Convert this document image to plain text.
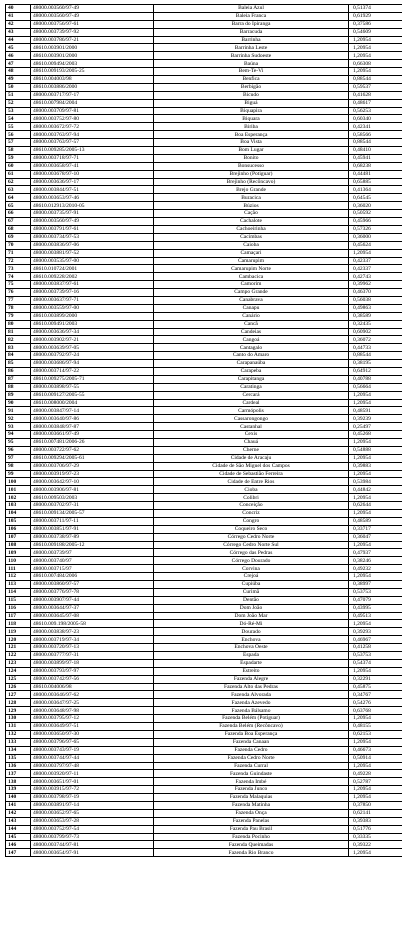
40	48000.003560/97-49	Baleia Azul	0,51374
41	48000.003560/97-49	Baleia Franca	0,61929
42	48000.003756/97-61	Barra do Ipiranga	0,37586
43	48000.003739/97-92	Barracuda	0,54609
44	48000.003786/97-21	Barrinha	1,20954
45	48610.003901/2000	Barrinha Leste	1,20954
46	48610.003901/2000	Barrinha Sudoeste	1,20954
47	48610.009494/2003	Baúna	0,66308
48	48610.009193/2005-25	Bem-Te-Vi	1,20954
49	48610.004003/98	Benfica	0,88544
50	48610.003886/2000	Berbigão	0,59537
51	48000.003717/97-17	Bicudo	0,41628
52	48610.007984/2004	Biguá	0,48617
53	48000.003709/97-81	Biquapira	0,56253
54	48000.003752/97-80	Biquara	0,60340
55	48000.003672/97-72	Biriba	0,42341
56	48000.003763/97-94	Boa Esperança	0,58566
57	48000.003763/97-57	Boa Vista	0,88544
58	48610.009285/2005-13	Bom Lugar	0,48410
59	48000.003718/97-71	Bonito	0,45941
60	48000.003658/97-41	Bonsucesso	0,68238
61	48000.003678/97-10	Brejinho (Potiguar)	0,44481
62	48000.003636/97-17	Brejinho (Recôncavo)	0,65885
63	48000.003844/97-51	Brejo Grande	0,41364
64	48000.003653/97-46	Buracica	0,64545
65	48610.012913/2010-05	Búzios	0,36020
66	48000.003735/97-91	Cação	0,50592
67	48000.003560/97-49	Cachalote	0,45966
68	48000.003791/97-61	Cachoeirinha	0,57326
69	48000.003734/97-53	Cacimbas	0,36000
70	48000.003836/97-06	Caioba	0,45624
71	48000.003881/97-52	Camaçari	1,20954
72	48000.003535/97-00	Camarupim	0,42337
73	48610.010724/2001	Camarupim Norte	0,42337
74	48610.009228/2002	Cambacica	0,42743
75	48000.003837/97-61	Camorim	0,39962
76	48000.003739/97-16	Campo Grande	0,46370
77	48000.003637/97-71	Canabrava	0,56038
78	48000.003559/97-00	Canapu	0,49863
79	48610.003899/2000	Canário	0,38589
80	48610.009491/2003	Cancã	0,32435
81	48000.003636/97-34	Candeias	0,60902
82	48000.003902/97-21	Cangoá	0,36072
83	48000.003639/97-05	Cantagalo	0,44733
84	48000.003792/97-24	Canto do Amaro	0,88544
85	48000.003686/97-94	Carapanaúba	0,38195
86	48000.003714/97-22	Carapeba	0,64912
87	48610.009275/2005-71	Carapitanga	0,40788
88	48000.003898/97-55	Caratinga	0,56664
89	48610.009127/2005-55	Cercará	1,20954
90	48610.008000/2004	Cardeal	1,20954
91	48000.003847/97-14	Carmópolis	0,48591
92	48000.003640/97-86	Cassarongongo	0,39239
93	48000.003848/97-87	Castanhal	0,25497
94	48000.003661/97-49	Cexis	0,45268
95	48610.007481/2006-26	Chauá	1,20954
96	48000.003722/97-62	Cherne	0,54888
97	48610.009294/2005-61	Cidade de Aracaju	1,20954
98	48000.003706/97-29	Cidade de São Miguel dos Campos	0,39883
99	48000.003919/97-23	Cidade de Sebastião Ferreira	1,20954
100	48000.003642/97-10	Cidade de Entre Rios	0,53984
101	48000.003906/97-81	Cioba	0,44842
102	48610.009503/2003	Colibri	1,20954
103	48000.003702/97-31	Conceição	0,62644
104	48610.009134/2005-57	Concriz	1,20954
105	48000.003711/97-11	Congro	0,48589
106	48000.003851/97-91	Coqueiro Seco	0,33717
107	48000.003738/97-89	Córrego Cedro Norte	0,36047
108	48610.009188/2005-12	Córrego Cedro Norte Sul	1,20954
109	48000.003739/97	Córrego das Pedras	0,47937
110	48000.003740/97	Córrego Dourado	0,38246
111	48000.003715/97	Corvina	0,49232
112	48610.007484/2006	Crejoá	1,20954
113	48000.003860/97-57	Cupiúba	0,38997
114	48000.003776/97-78	Curimã	0,53753
115	48000.003907/97-44	Dentão	0,47079
116	48000.003644/97-37	Dom João	0,43995
117	48000.003645/97-08	Dom João Mar	0,49513
118	48610.009.198/2005-58	Dó-Ré-Mi	1,20954
119	48000.003838/97-23	Dourado	0,39293
120	48000.003719/97-34	Enchova	0,46967
121	48000.003720/97-13	Enchova Oeste	0,41258
122	48000.003777/97-31	Espada	0,53753
123	48000.003899/97-18	Espadarte	0,54374
124	48000.003793/97-97	Estreito	1,20954
125	48000.003742/97-56	Fazenda Alegre	0,32291
126	48610.004006/98	Fazenda Alto das Pedras	0,45875
127	48000.003646/97-62	Fazenda Alvorada	0,34767
128	48000.003647/97-25	Fazenda Azevedo	0,54276
129	48000.003648/97-98	Fazenda Bálsamo	0,63768
130	48000.003795/97-12	Fazenda Belém (Potiguar)	1,20954
131	48000.003649/97-51	Fazenda Belém (Recôncavo)	0,48155
132	48000.003650/97-30	Fazenda Boa Esperança	0,62153
133	48000.003796/97-65	Fazenda Canaan	1,20954
134	48000.003743/97-19	Fazenda Cedro	0,46673
135	48000.003744/97-44	Fazenda Cedro Norte	0,50914
136	48000.003797/97-48	Fazenda Curral	1,20954
137	48000.003920/97-11	Fazenda Guindaste	0,49228
138	48000.003651/97-01	Fazenda Imbé	0,52787
139	48000.003915/97-72	Fazenda Junco	1,20954
140	48000.003798/97-19	Fazenda Malaquias	1,20954
141	48000.003891/97-14	Fazenda Matinha	0,37850
142	48000.003652/97-65	Fazenda Onça	0,62141
143	48000.003653/97-28	Fazenda Panelas	0,39383
144	48000.003752/97-54	Fazenda Pau Brasil	0,51776
145	48000.003799/97-73	Fazenda Pocinho	0,33335
146	48000.003744/97-81	Fazenda Queimadas	0,39322
147	48000.003654/97-91	Fazenda Rio Branco	1,20954
